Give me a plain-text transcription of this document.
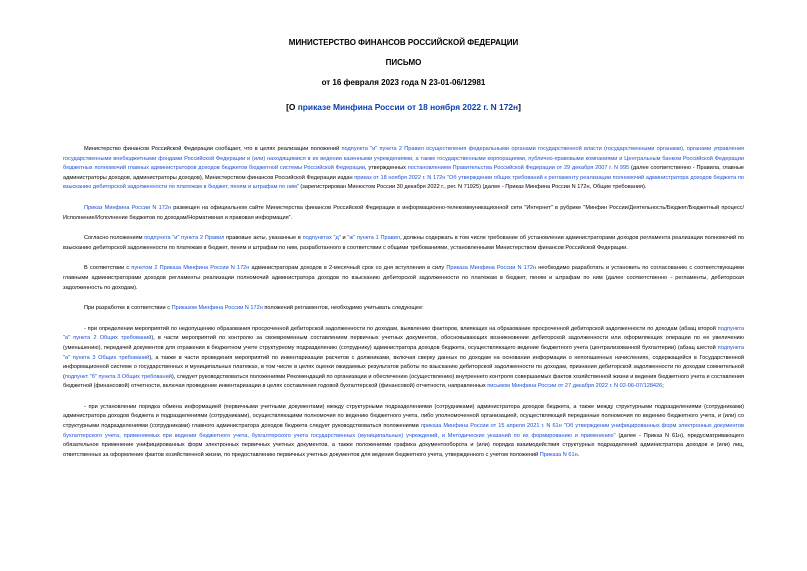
МИНИСТЕРСТВО ФИНАНСОВ РОССИЙСКОЙ ФЕДЕРАЦИИ
ПИСЬМО
от 16 февраля 2023 года N 23-01-06/12981
[О приказе Минфина России от 18 ноября 2022 г. N 172н]

Министерство финансов Российской Федерации сообщает, что в целях реализации положений подпункта "и" пункта 2 Правил осуществления федеральными органами государственной власти (государственными органами), органами управления государственными внебюджетными фондами Российской Федерации и (или) находящимися в их ведении казенными учреждениями, а также государственными корпорациями, публично-правовыми компаниями и Центральным банком Российской Федерации бюджетных полномочий главных администраторов доходов бюджетов бюджетной системы Российской Федерации, утвержденных постановлением Правительства Российской Федерации от 29 декабря 2007 г. N 995 (далее соответственно - Правила, главные администраторы доходов, администраторы доходов), Министерством финансов Российской Федерации издан приказ от 18 ноября 2022 г. N 172н "Об утверждении общих требований к регламенту реализации полномочий администратора доходов бюджета по взысканию дебиторской задолженности по платежам в бюджет, пеням и штрафам по ним" (зарегистрирован Минюстом России 30 декабря 2022 г., рег. N 71925) (далее - Приказ Минфина России N 172н, Общие требования).

Приказ Минфина России N 172н размещен на официальном сайте Министерства финансов Российской Федерации в информационно-телекоммуникационной сети "Интернет" в рубрике "Минфин России/Деятельность/Бюджет/Бюджетный процесс/Исполнение/Исполнение бюджетов по доходам/Нормативная и правовая информация".

Согласно положениям подпункта "и" пункта 2 Правил правовые акты, указанные в подпунктах "д" и "ж" пункта 1 Правил, должны содержать в том числе требование об установлении администраторами доходов регламента реализации полномочий по взысканию дебиторской задолженности по платежам в бюджет, пеням и штрафам по ним, разработанного в соответствии с общими требованиями, установленными Министерством финансов Российской Федерации.

В соответствии с пунктом 2 Приказа Минфина России N 172н администраторам доходов в 2-месячный срок со дня вступления в силу Приказа Минфина России N 172н необходимо разработать и установить по согласованию с соответствующими главными администраторами доходов регламенты реализации полномочий администратора доходов по взысканию дебиторской задолженности по платежам в бюджет, пеням и штрафам по ним (далее соответственно - регламенты, дебиторская задолженность по доходам).

При разработке в соответствии с Приказом Минфина России N 172н положений регламентов, необходимо учитывать следующее:

- при определении мероприятий по недопущению образования просроченной дебиторской задолженности по доходам, выявлению факторов, влияющих на образование просроченной дебиторской задолженности по доходам (абзац второй подпункта "а" пункта 2 Общих требований), в части мероприятий по контролю за своевременным составлением первичных учетных документов, обосновывающих возникновение дебиторской задолженности или оформляющих операции по ее увеличению (уменьшению), передачей документов для отражения в бюджетном учете структурному подразделению (сотруднику) администратора доходов бюджета, осуществляющего ведение бюджетного учета (централизованной бухгалтерии) (абзац шестой подпункта "а" пункта 3 Общих требований), а также в части проведения мероприятий по инвентаризации расчетов с должниками, включая сверку данных по доходам на основании информации о непогашенных начислениях, содержащейся в Государственной информационной системе о государственных и муниципальных платежах, в том числе в целях оценки ожидаемых результатов работы по взысканию дебиторской задолженности по доходам, признания дебиторской задолженности по доходам сомнительной (подпункт "б" пункта 3 Общих требований), следует руководствоваться положениями Рекомендаций по организации и обеспечению (осуществлению) внутреннего контроля совершаемых фактов хозяйственной жизни и ведения бюджетного учета и составления бюджетной (финансовой) отчетности, включая проведение инвентаризации в целях составления годовой бухгалтерской (финансовой) отчетности, направленных письмом Минфина России от 27 декабря 2022 г. N 02-06-07/128426;

- при установлении порядка обмена информацией (первичными учетными документами) между структурными подразделениями (сотрудниками) администратора доходов бюджета, а также между структурными подразделениями (сотрудниками) администратора доходов бюджета и подразделениями (сотрудниками), осуществляющими полномочия по ведению бюджетного учета, либо уполномоченной организацией, осуществляющей переданные полномочия по ведению бюджетного учета, и (или) со структурными подразделениями (сотрудниками) главного администратора доходов бюджета следует руководствоваться положениями приказа Минфина России от 15 апреля 2021 г. N 61н "Об утверждении унифицированных форм электронных документов бухгалтерского учета, применяемых при ведении бюджетного учета, бухгалтерского учета государственных (муниципальных) учреждений, и Методических указаний по их формированию и применению" (далее - Приказ N 61н), предусматривающего обязательное применение унифицированных форм электронных первичных учетных документов, а также положениями графика документооборота и (или) порядка взаимодействия структурных подразделений администратора доходов и (или) лиц, ответственных за оформление фактов хозяйственной жизни, по предоставлению первичных учетных документов для ведения бюджетного учета, утвержденного с учетом положений Приказа N 61н.
